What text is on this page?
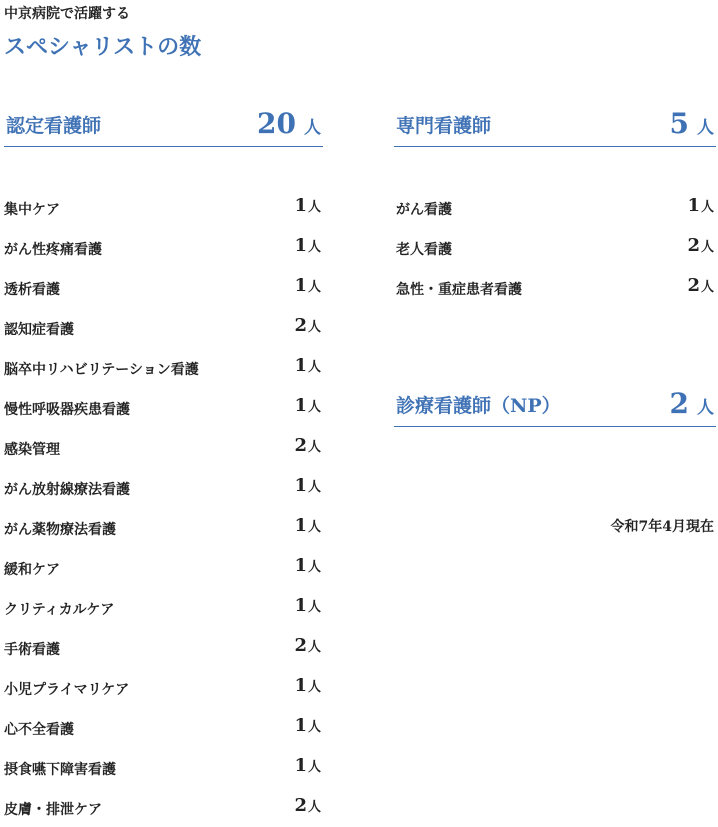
中京病院で活躍する
スペシャリストの数
認定看護師	20 人
集中ケア	1人
がん性疼痛看護	1人
透析看護	1人
認知症看護	2人
脳卒中リハビリテーション看護	1人
慢性呼吸器疾患看護	1人
感染管理	2人
がん放射線療法看護	1人
がん薬物療法看護	1人
緩和ケア	1人
クリティカルケア	1人
手術看護	2人
小児プライマリケア	1人
心不全看護	1人
摂食嚥下障害看護	1人
皮膚・排泄ケア	2人
専門看護師	5 人
がん看護	1人
老人看護	2人
急性・重症患者看護	2人
診療看護師（NP）	2 人
令和7年4月現在
